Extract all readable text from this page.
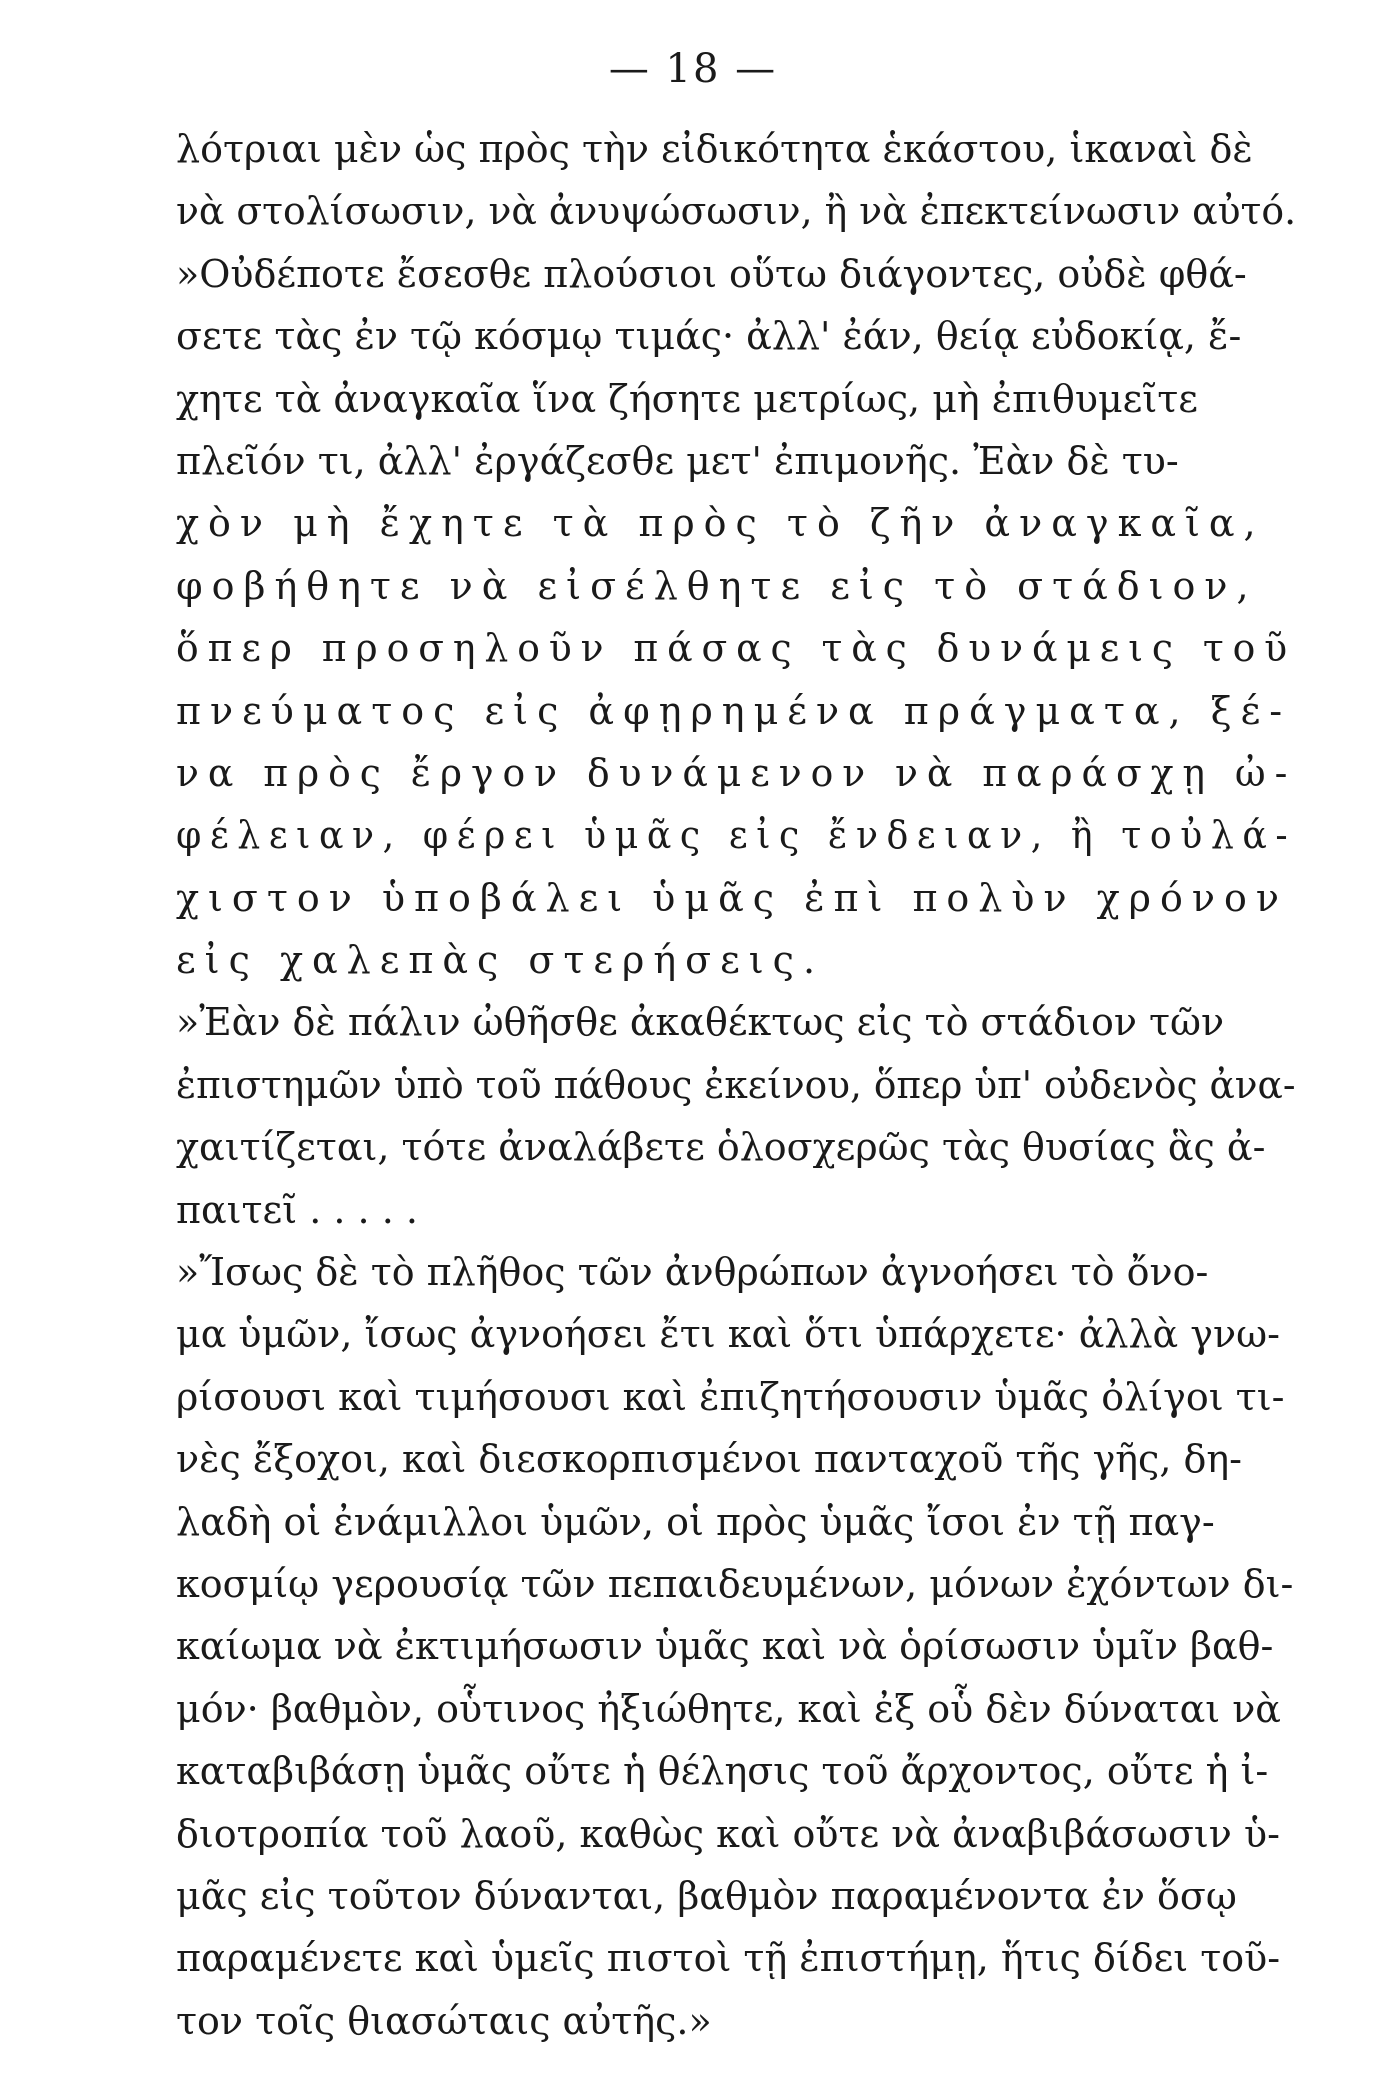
— 18 —
λότριαι μὲν ὡς πρὸς τὴν εἰδικότητα ἑκάστου, ἱκαναὶ δὲ
νὰ στολίσωσιν, νὰ ἀνυψώσωσιν, ἢ νὰ ἐπεκτείνωσιν αὐτό.
»Οὐδέποτε ἔσεσθε πλούσιοι οὕτω διάγοντες, οὐδὲ φθά-
σετε τὰς ἐν τῷ κόσμῳ τιμάς· ἀλλ' ἐάν, θείᾳ εὐδοκίᾳ, ἔ-
χητε τὰ ἀναγκαῖα ἵνα ζήσητε μετρίως, μὴ ἐπιθυμεῖτε
πλεῖόν τι, ἀλλ' ἐργάζεσθε μετ' ἐπιμονῆς. Ἐὰν δὲ τυ-
χὸν μὴ ἔχητε τὰ πρὸς τὸ ζῆν ἀναγκαῖα,
φοβήθητε νὰ εἰσέλθητε εἰς τὸ στάδιον,
ὅπερ προσηλοῦν πάσας τὰς δυνάμεις τοῦ
πνεύματος εἰς ἀφῃρημένα πράγματα, ξέ-
να πρὸς ἔργον δυνάμενον νὰ παράσχῃ ὠ-
φέλειαν, φέρει ὑμᾶς εἰς ἔνδειαν, ἢ τοὐλά-
χιστον ὑποβάλει ὑμᾶς ἐπὶ πολὺν χρόνον
εἰς χαλεπὰς στερήσεις.
»Ἐὰν δὲ πάλιν ὠθῆσθε ἀκαθέκτως εἰς τὸ στάδιον τῶν
ἐπιστημῶν ὑπὸ τοῦ πάθους ἐκείνου, ὅπερ ὑπ' οὐδενὸς ἀνα-
χαιτίζεται, τότε ἀναλάβετε ὁλοσχερῶς τὰς θυσίας ἃς ἀ-
παιτεῖ . . . . .
»Ἴσως δὲ τὸ πλῆθος τῶν ἀνθρώπων ἀγνοήσει τὸ ὄνο-
μα ὑμῶν, ἴσως ἀγνοήσει ἔτι καὶ ὅτι ὑπάρχετε· ἀλλὰ γνω-
ρίσουσι καὶ τιμήσουσι καὶ ἐπιζητήσουσιν ὑμᾶς ὀλίγοι τι-
νὲς ἔξοχοι, καὶ διεσκορπισμένοι πανταχοῦ τῆς γῆς, δη-
λαδὴ οἱ ἐνάμιλλοι ὑμῶν, οἱ πρὸς ὑμᾶς ἴσοι ἐν τῇ παγ-
κοσμίῳ γερουσίᾳ τῶν πεπαιδευμένων, μόνων ἐχόντων δι-
καίωμα νὰ ἐκτιμήσωσιν ὑμᾶς καὶ νὰ ὁρίσωσιν ὑμῖν βαθ-
μόν· βαθμὸν, οὗτινος ἠξιώθητε, καὶ ἐξ οὗ δὲν δύναται νὰ
καταβιβάσῃ ὑμᾶς οὔτε ἡ θέλησις τοῦ ἄρχοντος, οὔτε ἡ ἰ-
διοτροπία τοῦ λαοῦ, καθὼς καὶ οὔτε νὰ ἀναβιβάσωσιν ὑ-
μᾶς εἰς τοῦτον δύνανται, βαθμὸν παραμένοντα ἐν ὅσῳ
παραμένετε καὶ ὑμεῖς πιστοὶ τῇ ἐπιστήμῃ, ἥτις δίδει τοῦ-
τον τοῖς θιασώταις αὐτῆς.»
